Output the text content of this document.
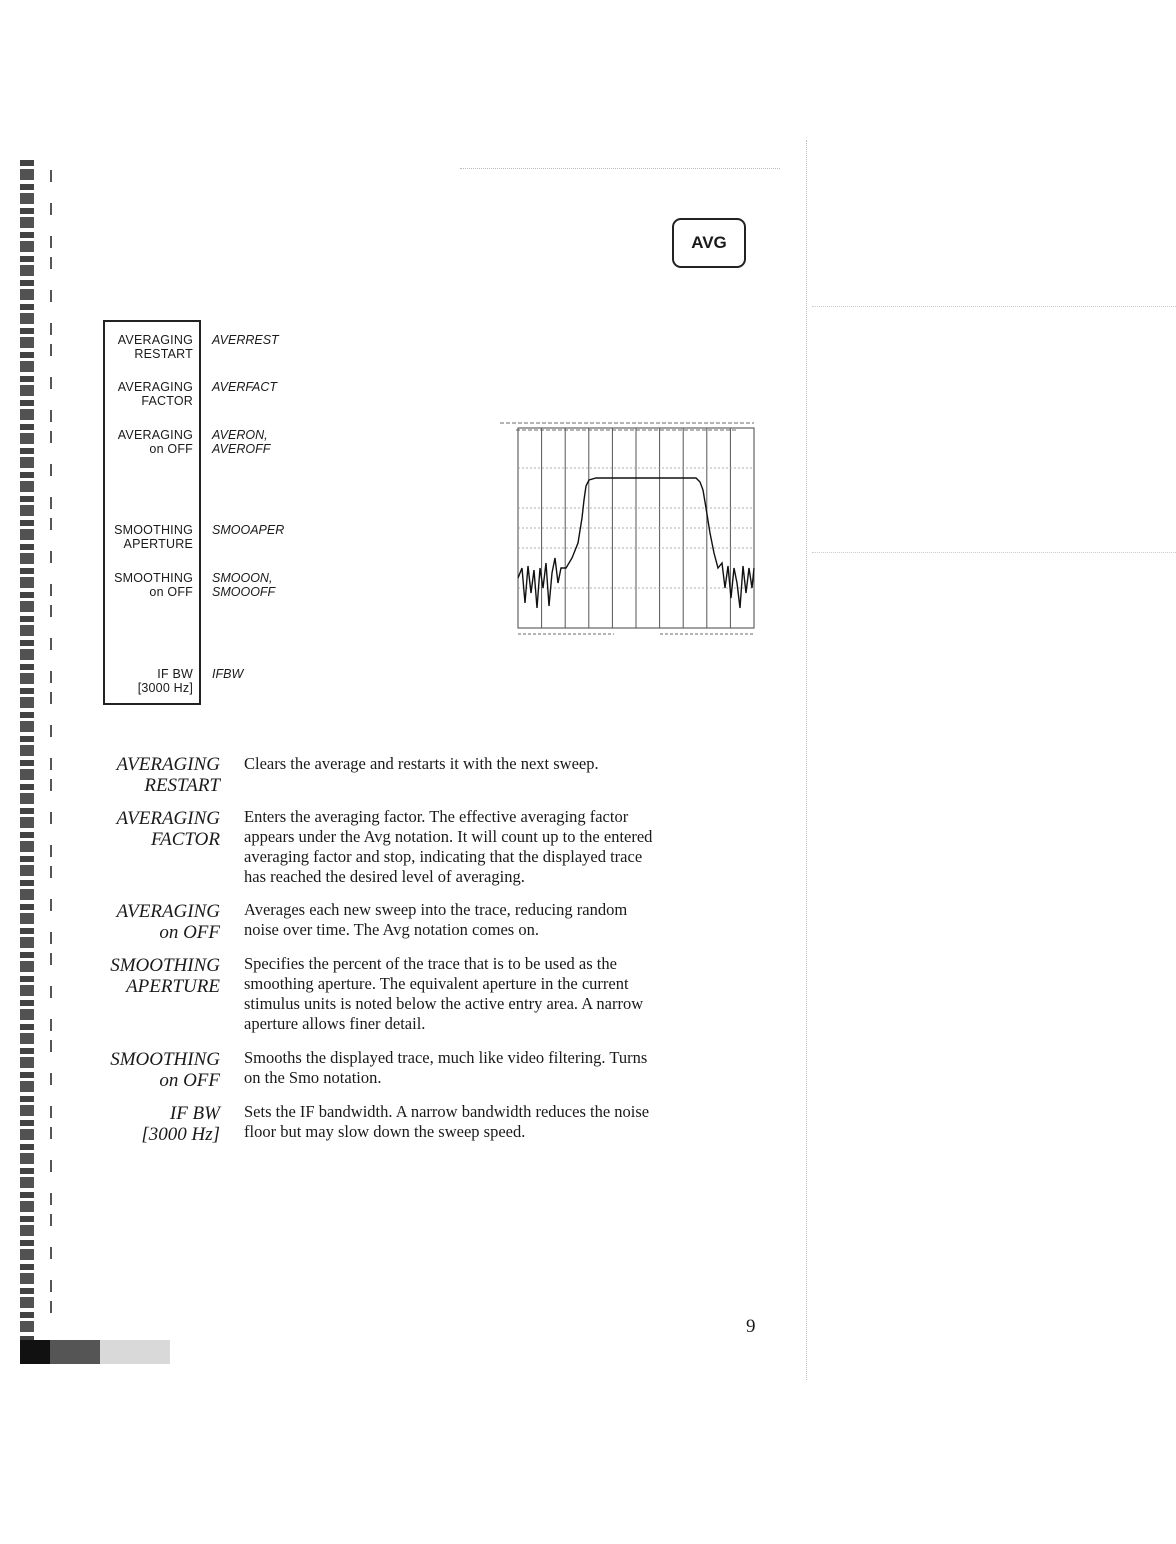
AVG
AVERAGING
RESTART
AVERREST
AVERAGING
FACTOR
AVERFACT
AVERAGING
on OFF
AVERON,
AVEROFF
SMOOTHING
APERTURE
SMOOAPER
SMOOTHING
on OFF
SMOOON,
SMOOOFF
IF BW
[3000 Hz]
IFBW
AVERAGING
RESTART
Clears the average and restarts it with the next sweep.
AVERAGING
FACTOR
Enters the averaging factor. The effective averaging factor
appears under the Avg notation. It will count up to the entered
averaging factor and stop, indicating that the displayed trace
has reached the desired level of averaging.
AVERAGING
on OFF
Averages each new sweep into the trace, reducing random
noise over time. The Avg notation comes on.
SMOOTHING
APERTURE
Specifies the percent of the trace that is to be used as the
smoothing aperture. The equivalent aperture in the current
stimulus units is noted below the active entry area. A narrow
aperture allows finer detail.
SMOOTHING
on OFF
Smooths the displayed trace, much like video filtering. Turns
on the Smo notation.
IF BW
[3000 Hz]
Sets the IF bandwidth. A narrow bandwidth reduces the noise
floor but may slow down the sweep speed.
9
